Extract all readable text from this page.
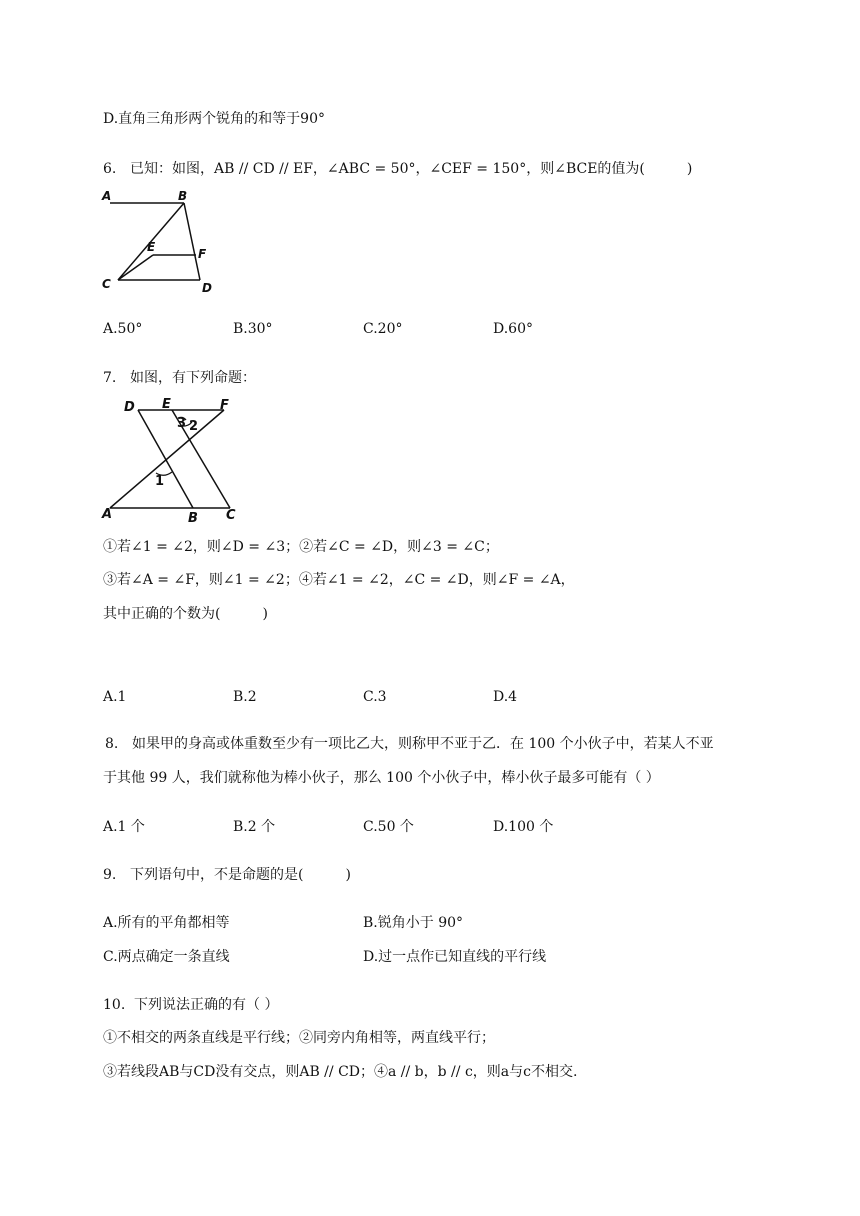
D.直角三角形两个锐角的和等于90°
6. 已知：如图，AB // CD // EF，∠ABC = 50°，∠CEF = 150°，则∠BCE的值为(　　　)
A	B
E	F
C	D
A.50°	B.30°	C.20°	D.60°
7. 如图，有下列命题：
D E	F
3 2
1
A	B C
①若∠1 = ∠2，则∠D = ∠3；②若∠C = ∠D，则∠3 = ∠C；
③若∠A = ∠F，则∠1 = ∠2；④若∠1 = ∠2，∠C = ∠D，则∠F = ∠A，
其中正确的个数为(　　　)
A.1	B.2	C.3	D.4
8. 如果甲的身高或体重数至少有一项比乙大，则称甲不亚于乙．在 100 个小伙子中，若某人不亚
于其他 99 人，我们就称他为棒小伙子，那么 100 个小伙子中，棒小伙子最多可能有（ ）
A.1 个	B.2 个	C.50 个	D.100 个
9. 下列语句中，不是命题的是(　　　)
A.所有的平角都相等	B.锐角小于 90°
C.两点确定一条直线	D.过一点作已知直线的平行线
10. 下列说法正确的有（ ）
①不相交的两条直线是平行线；②同旁内角相等，两直线平行；
③若线段AB与CD没有交点，则AB // CD；④a // b，b // c，则a与c不相交.
